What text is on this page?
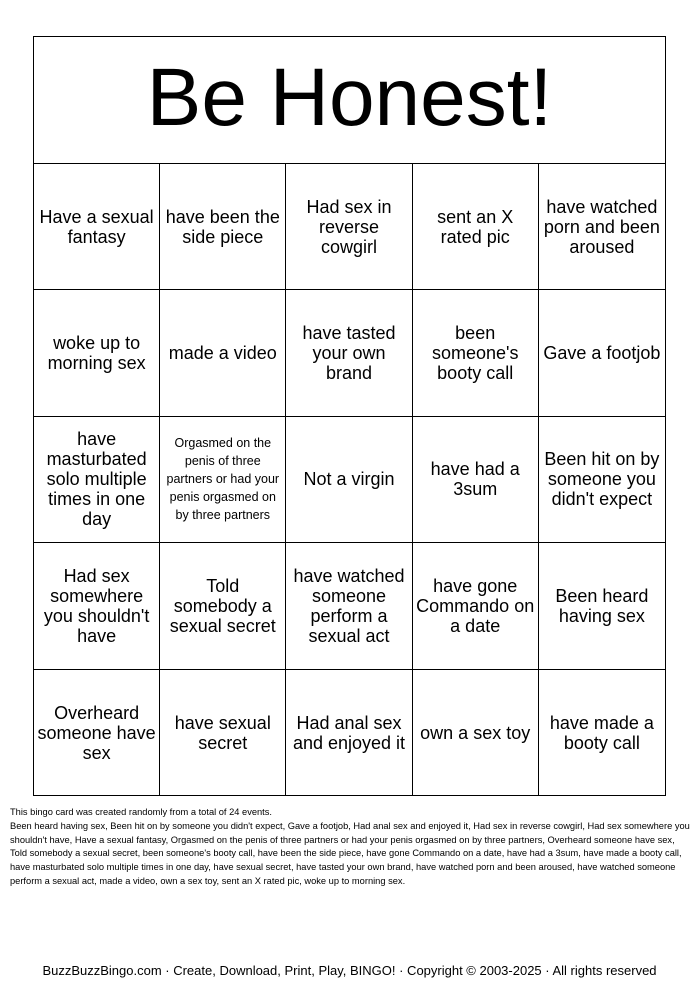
Be Honest!
Have a sexual fantasy
have been the side piece
Had sex in reverse cowgirl
sent an X rated pic
have watched porn and been aroused
woke up to morning sex	made a video
have tasted your own brand
been someone's booty call
Gave a footjob
have masturbated solo multiple times in one day
Orgasmed on the penis of three partners or had your penis orgasmed on by three partners
Not a virgin	have had a 3sum
Been hit on by someone you didn't expect
Had sex somewhere you shouldn't have
Told somebody a sexual secret
have watched someone perform a sexual act
have gone Commando on a date
Been heard having sex
Overheard someone have sex
have sexual secret
Had anal sex and enjoyed it own a sex toy	have made a booty call

This bingo card was created randomly from a total of 24 events.

Been heard having sex, Been hit on by someone you didn't expect, Gave a footjob, Had anal sex and enjoyed it, Had sex in reverse cowgirl, Had sex somewhere you shouldn't have, Have a sexual fantasy, Orgasmed on the penis of three partners or had your penis orgasmed on by three partners, Overheard someone have sex, Told somebody a sexual secret, been someone's booty call, have been the side piece, have gone Commando on a date, have had a 3sum, have made a booty call, have masturbated solo multiple times in one day, have sexual secret, have tasted your own brand, have watched porn and been aroused, have watched someone perform a sexual act, made a video, own a sex toy, sent an X rated pic, woke up to morning sex.

BuzzBuzzBingo.com · Create, Download, Print, Play, BINGO! · Copyright © 2003-2025 · All rights reserved
